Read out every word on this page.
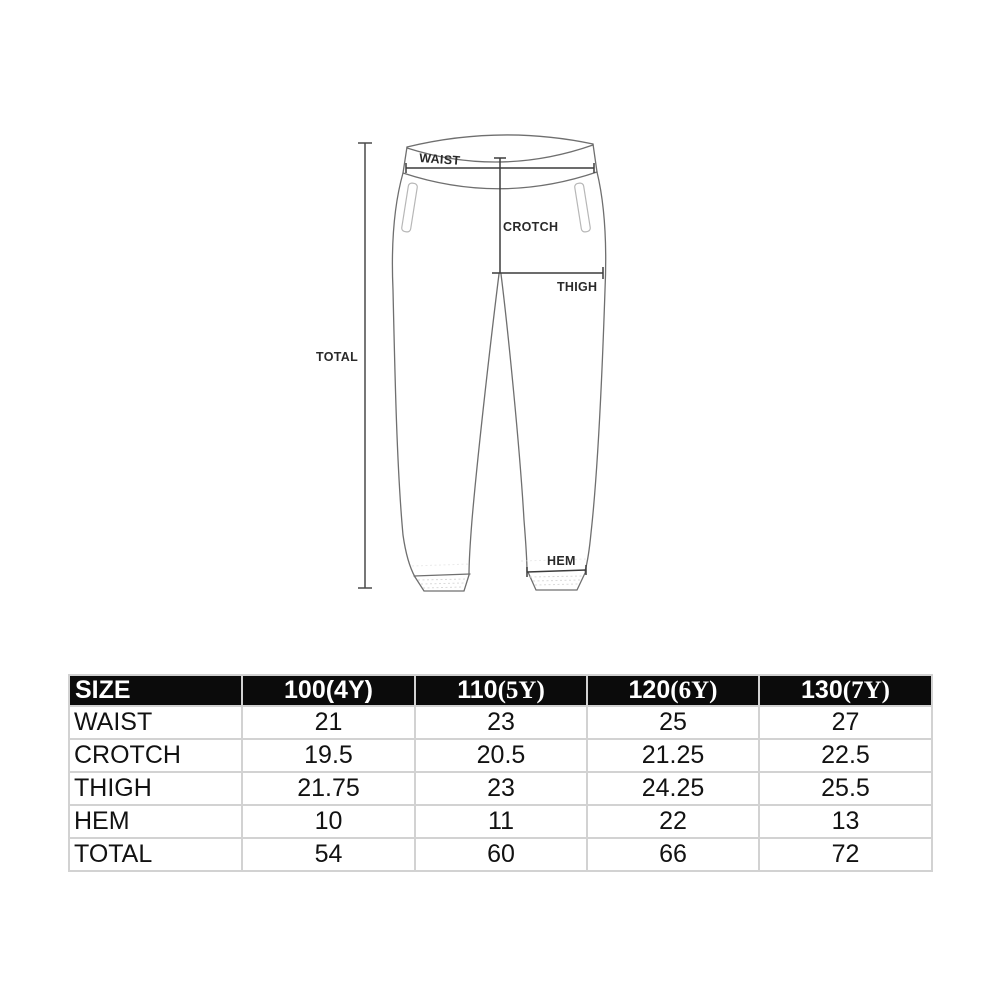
WAIST
CROTCH
THIGH
HEM
TOTAL
SIZE	100(4Y)	110(5Y)	120(6Y)	130(7Y)
WAIST	21	23	25	27
CROTCH	19.5	20.5	21.25	22.5
THIGH	21.75	23	24.25	25.5
HEM	10	11	22	13
TOTAL	54	60	66	72
